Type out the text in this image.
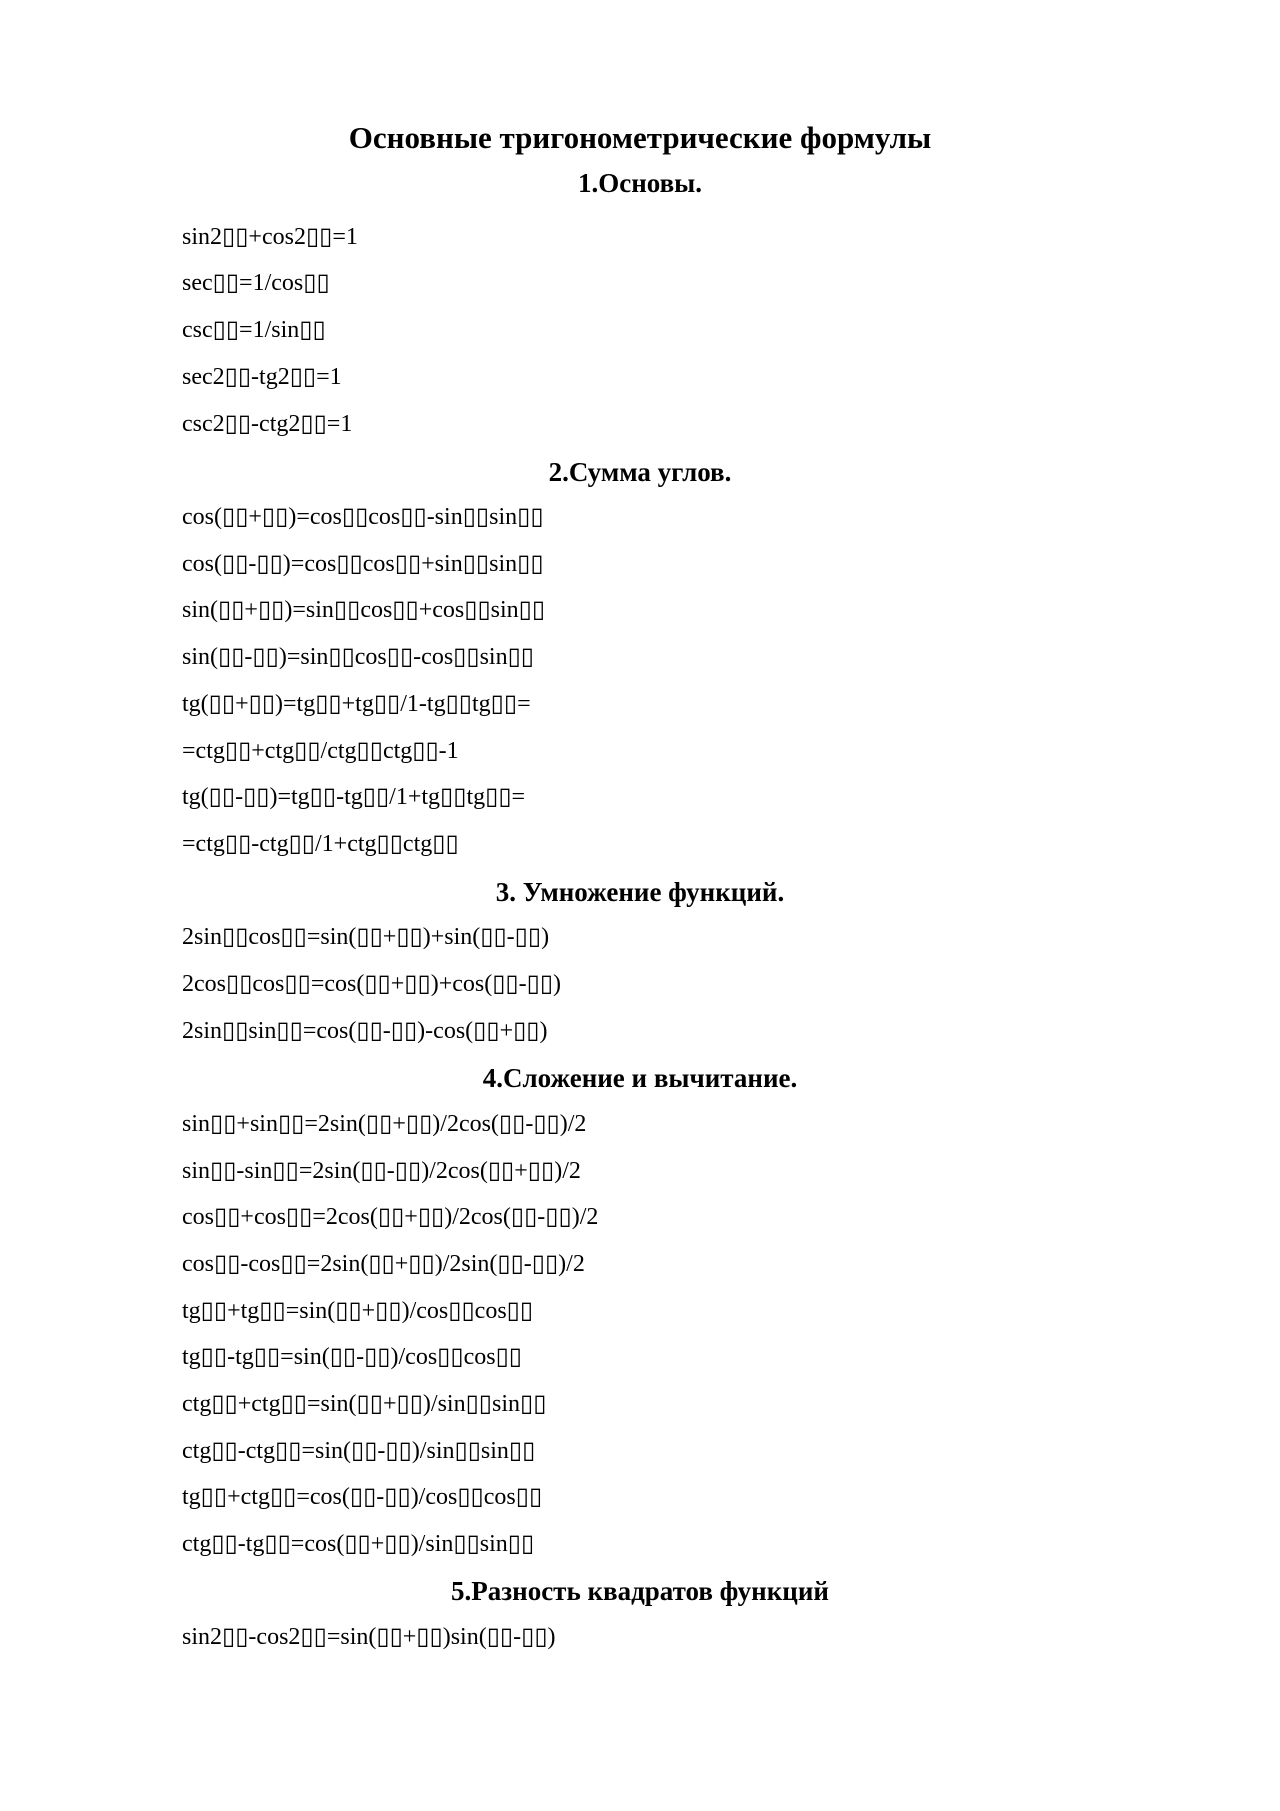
Основные тригонометрические формулы
1.Основы.
sin2▯▯+cos2▯▯=1
sec▯▯=1/cos▯▯
csc▯▯=1/sin▯▯
sec2▯▯-tg2▯▯=1
csc2▯▯-ctg2▯▯=1
2.Сумма углов.
cos(▯▯+▯▯)=cos▯▯cos▯▯-sin▯▯sin▯▯
cos(▯▯-▯▯)=cos▯▯cos▯▯+sin▯▯sin▯▯
sin(▯▯+▯▯)=sin▯▯cos▯▯+cos▯▯sin▯▯
sin(▯▯-▯▯)=sin▯▯cos▯▯-cos▯▯sin▯▯
tg(▯▯+▯▯)=tg▯▯+tg▯▯/1-tg▯▯tg▯▯=
=ctg▯▯+ctg▯▯/ctg▯▯ctg▯▯-1
tg(▯▯-▯▯)=tg▯▯-tg▯▯/1+tg▯▯tg▯▯=
=ctg▯▯-ctg▯▯/1+ctg▯▯ctg▯▯
3. Умножение функций.
2sin▯▯cos▯▯=sin(▯▯+▯▯)+sin(▯▯-▯▯)
2cos▯▯cos▯▯=cos(▯▯+▯▯)+cos(▯▯-▯▯)
2sin▯▯sin▯▯=cos(▯▯-▯▯)-cos(▯▯+▯▯)
4.Сложение и вычитание.
sin▯▯+sin▯▯=2sin(▯▯+▯▯)/2cos(▯▯-▯▯)/2
sin▯▯-sin▯▯=2sin(▯▯-▯▯)/2cos(▯▯+▯▯)/2
cos▯▯+cos▯▯=2cos(▯▯+▯▯)/2cos(▯▯-▯▯)/2
cos▯▯-cos▯▯=2sin(▯▯+▯▯)/2sin(▯▯-▯▯)/2
tg▯▯+tg▯▯=sin(▯▯+▯▯)/cos▯▯cos▯▯
tg▯▯-tg▯▯=sin(▯▯-▯▯)/cos▯▯cos▯▯
ctg▯▯+ctg▯▯=sin(▯▯+▯▯)/sin▯▯sin▯▯
ctg▯▯-ctg▯▯=sin(▯▯-▯▯)/sin▯▯sin▯▯
tg▯▯+ctg▯▯=cos(▯▯-▯▯)/cos▯▯cos▯▯
ctg▯▯-tg▯▯=cos(▯▯+▯▯)/sin▯▯sin▯▯
5.Разность квадратов функций
sin2▯▯-cos2▯▯=sin(▯▯+▯▯)sin(▯▯-▯▯)
